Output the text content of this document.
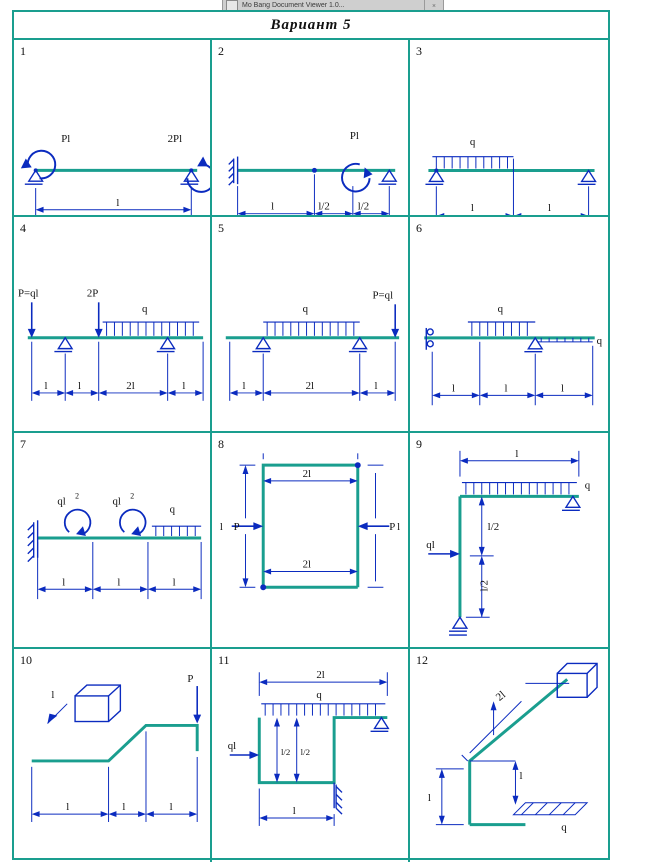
Mo Bang Document Viewer 1.0...	×
Вариант 5
1
Pl	2Pl
l
2
Pl
l	l/2	l/2
3
q
l	l
4
P=ql	2P
q
l	l	2l	l
5
q
P=ql
l	2l	l
6
q
q
l	l	l
7
ql 2	ql 2
q
l	l	l
8
2l
2l
P	P
l	l
9
l
q
ql
l/2
l/2
10
l
P
l	l	l
11
2l
q
ql	l/2 l/2
l
12
2l
l
l
q
